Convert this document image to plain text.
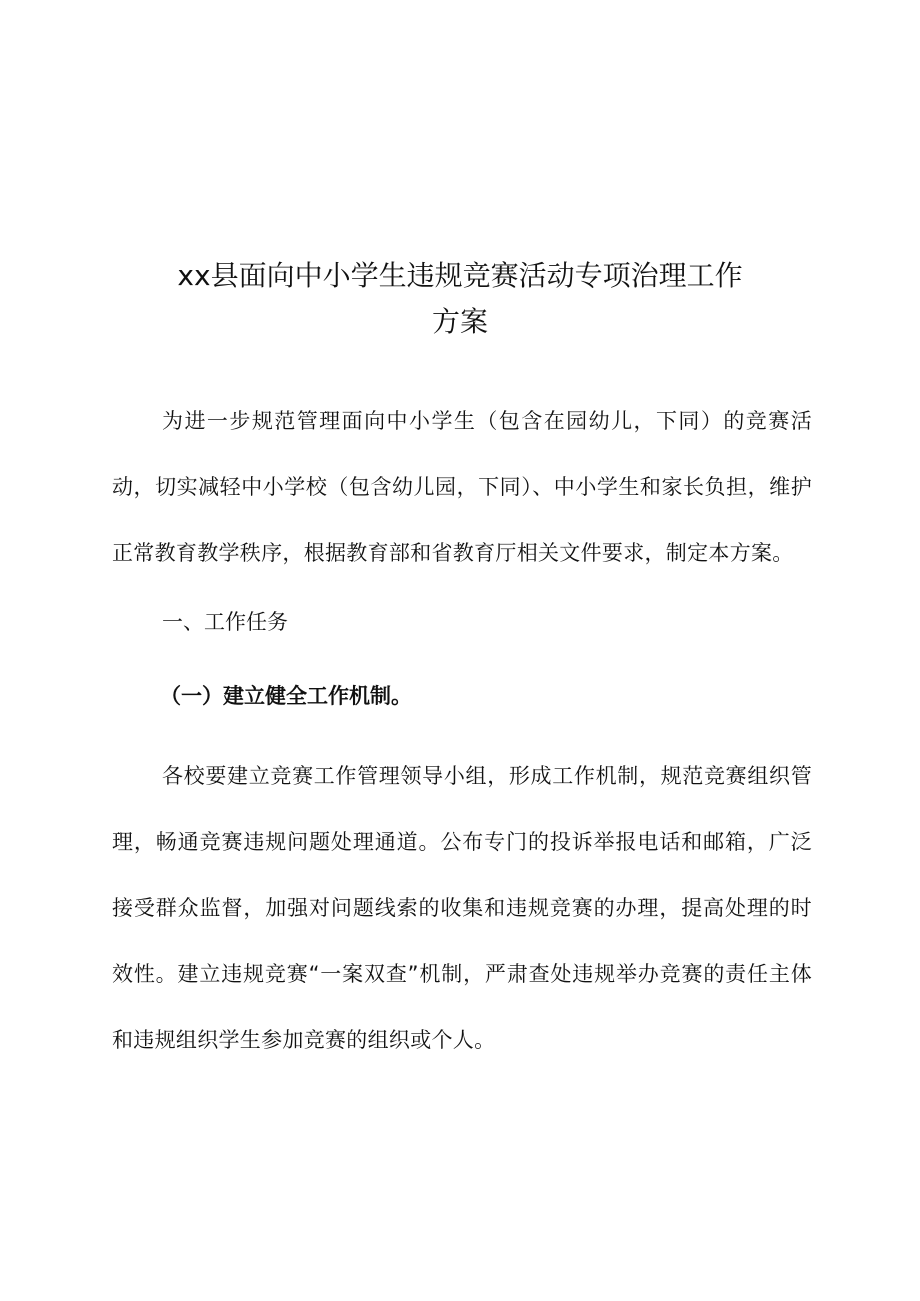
xx县面向中小学生违规竞赛活动专项治理工作
方案

为进一步规范管理面向中小学生（包含在园幼儿，下同）的竞赛活动，切实减轻中小学校（包含幼儿园，下同）、中小学生和家长负担，维护正常教育教学秩序，根据教育部和省教育厅相关文件要求，制定本方案。

一、工作任务
（一）建立健全工作机制。

各校要建立竞赛工作管理领导小组，形成工作机制，规范竞赛组织管理，畅通竞赛违规问题处理通道。公布专门的投诉举报电话和邮箱，广泛接受群众监督，加强对问题线索的收集和违规竞赛的办理，提高处理的时效性。建立违规竞赛“一案双查”机制，严肃查处违规举办竞赛的责任主体和违规组织学生参加竞赛的组织或个人。
